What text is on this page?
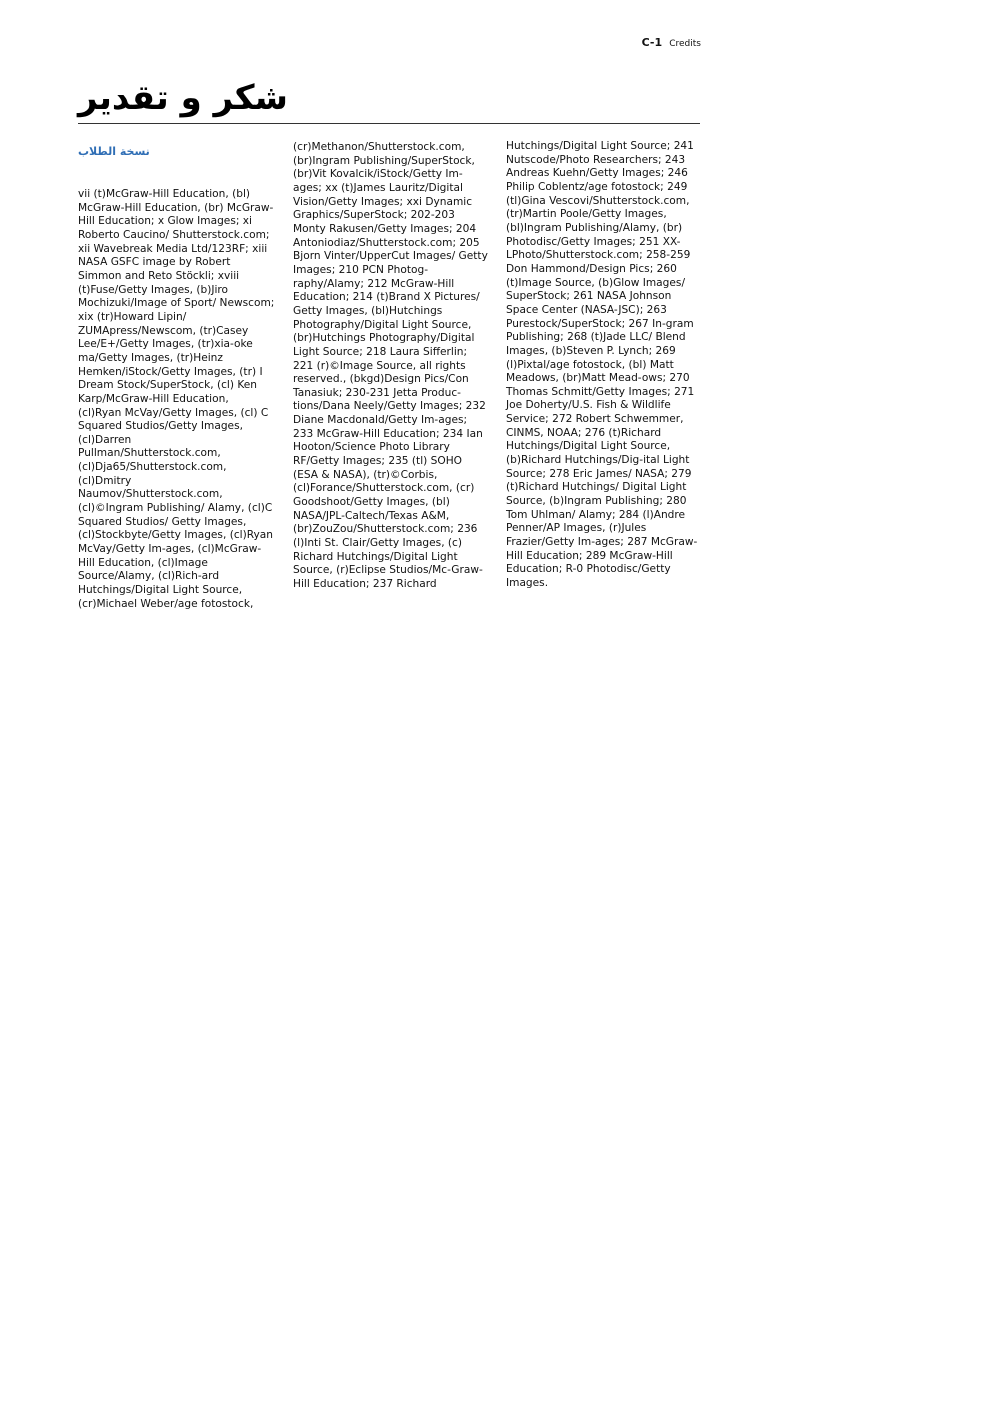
C-1 Credits
شكر و تقدير
نسخة الطلاب

vii (t)McGraw-Hill Education, (bl) McGraw-Hill Education, (br) McGraw-Hill Education; x Glow Images; xi Roberto Caucino/ Shutterstock.com; xii Wavebreak Media Ltd/123RF; xiii NASA GSFC image by Robert Simmon and Reto Stöckli; xviii (t)Fuse/Getty Images, (b)Jiro Mochizuki/Image of Sport/ Newscom; xix (tr)Howard Lipin/ ZUMApress/Newscom, (tr)Casey Lee/E+/Getty Images, (tr)xia-oke ma/Getty Images, (tr)Heinz Hemken/iStock/Getty Images, (tr) I Dream Stock/SuperStock, (cl) Ken Karp/McGraw-Hill Education, (cl)Ryan McVay/Getty Images, (cl) C Squared Studios/Getty Images, (cl)Darren Pullman/Shutterstock.com, (cl)Dja65/Shutterstock.com, (cl)Dmitry Naumov/Shutterstock.com, (cl)©Ingram Publishing/ Alamy, (cl)C Squared Studios/ Getty Images, (cl)Stockbyte/Getty Images, (cl)Ryan McVay/Getty Im-ages, (cl)McGraw-Hill Education, (cl)Image Source/Alamy, (cl)Rich-ard Hutchings/Digital Light Source, (cr)Michael Weber/age fotostock,

(cr)Methanon/Shutterstock.com, (br)Ingram Publishing/SuperStock, (br)Vit Kovalcik/iStock/Getty Im-ages; xx (t)James Lauritz/Digital Vision/Getty Images; xxi Dynamic Graphics/SuperStock; 202-203 Monty Rakusen/Getty Images; 204 Antoniodiaz/Shutterstock.com; 205 Bjorn Vinter/UpperCut Images/ Getty Images; 210 PCN Photog-raphy/Alamy; 212 McGraw-Hill Education; 214 (t)Brand X Pictures/ Getty Images, (bl)Hutchings Photography/Digital Light Source, (br)Hutchings Photography/Digital Light Source; 218 Laura Sifferlin; 221 (r)©Image Source, all rights reserved., (bkgd)Design Pics/Con Tanasiuk; 230-231 Jetta Produc-tions/Dana Neely/Getty Images; 232 Diane Macdonald/Getty Im-ages; 233 McGraw-Hill Education; 234 Ian Hooton/Science Photo Library RF/Getty Images; 235 (tl) SOHO (ESA & NASA), (tr)©Corbis, (cl)Forance/Shutterstock.com, (cr) Goodshoot/Getty Images, (bl) NASA/JPL-Caltech/Texas A&M, (br)ZouZou/Shutterstock.com; 236 (l)Inti St. Clair/Getty Images, (c) Richard Hutchings/Digital Light Source, (r)Eclipse Studios/Mc-Graw-Hill Education; 237 Richard

Hutchings/Digital Light Source; 241 Nutscode/Photo Researchers; 243 Andreas Kuehn/Getty Images; 246 Philip Coblentz/age fotostock; 249 (tl)Gina Vescovi/Shutterstock.com, (tr)Martin Poole/Getty Images, (bl)Ingram Publishing/Alamy, (br) Photodisc/Getty Images; 251 XX-LPhoto/Shutterstock.com; 258-259 Don Hammond/Design Pics; 260 (t)Image Source, (b)Glow Images/ SuperStock; 261 NASA Johnson Space Center (NASA-JSC); 263 Purestock/SuperStock; 267 In-gram Publishing; 268 (t)Jade LLC/ Blend Images, (b)Steven P. Lynch; 269 (l)Pixtal/age fotostock, (bl) Matt Meadows, (br)Matt Mead-ows; 270 Thomas Schmitt/Getty Images; 271 Joe Doherty/U.S. Fish & Wildlife Service; 272 Robert Schwemmer, CINMS, NOAA; 276 (t)Richard Hutchings/Digital Light Source, (b)Richard Hutchings/Dig-ital Light Source; 278 Eric James/ NASA; 279 (t)Richard Hutchings/ Digital Light Source, (b)Ingram Publishing; 280 Tom Uhlman/ Alamy; 284 (l)Andre Penner/AP Images, (r)Jules Frazier/Getty Im-ages; 287 McGraw-Hill Education; 289 McGraw-Hill Education; R-0 Photodisc/Getty Images.
